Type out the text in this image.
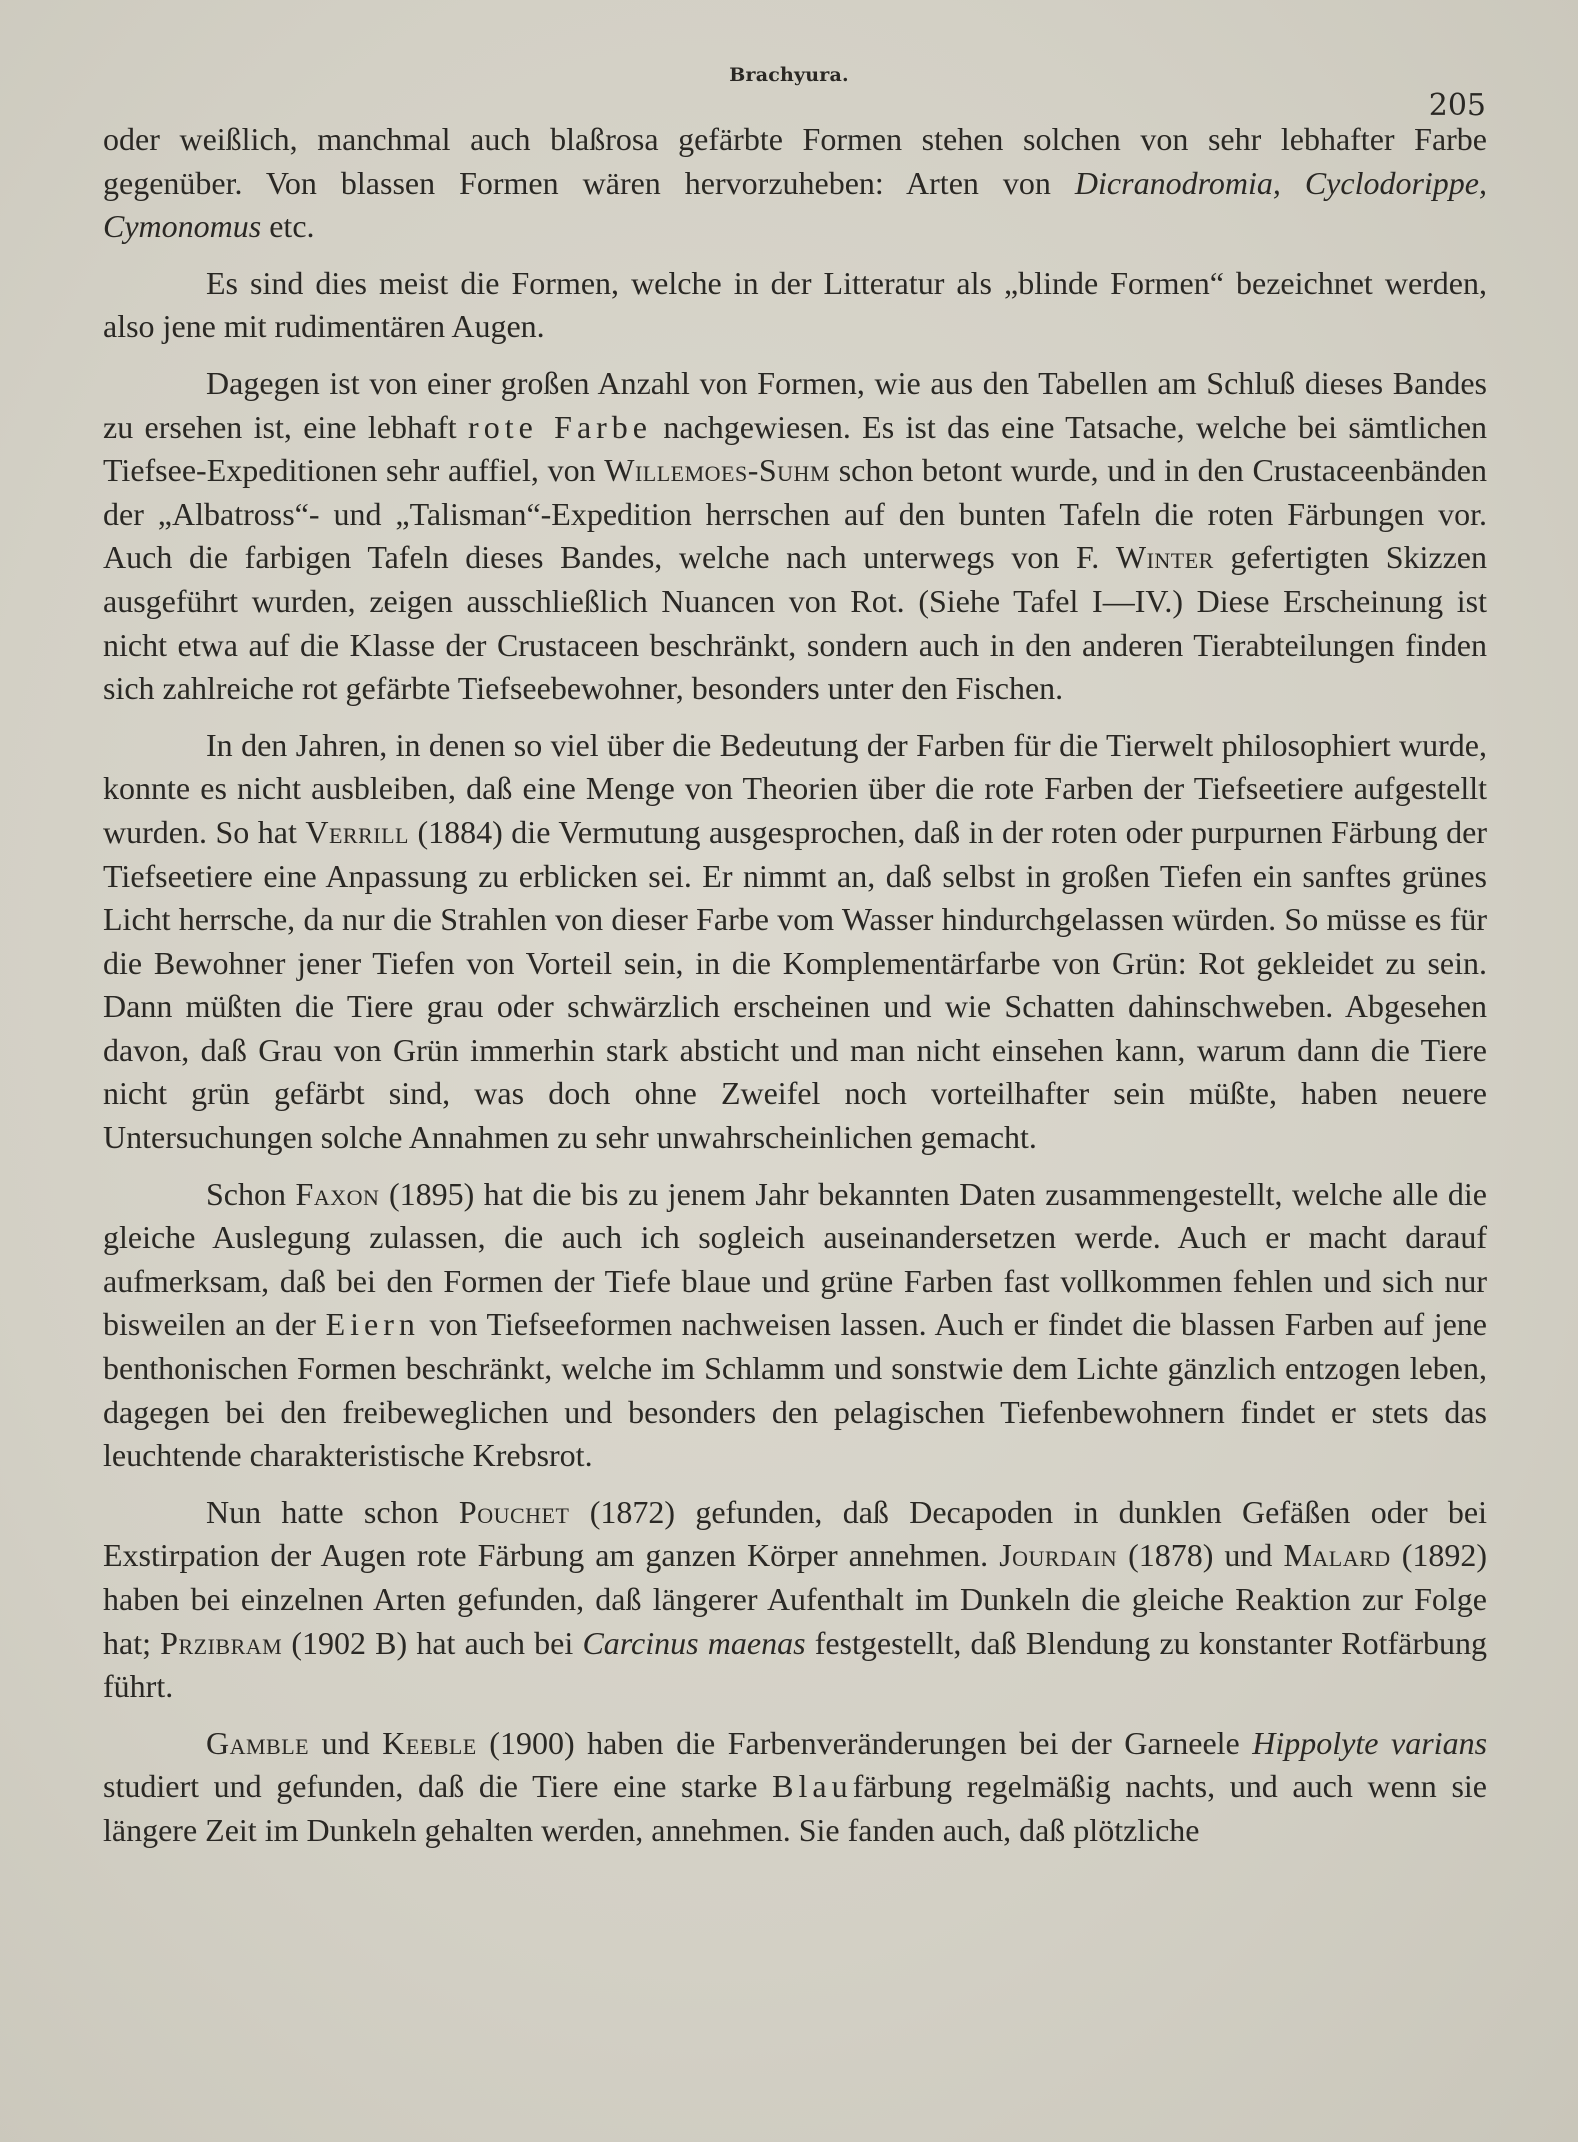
Brachyura.
205

oder weißlich, manchmal auch blaßrosa gefärbte Formen stehen solchen von sehr lebhafter Farbe gegenüber. Von blassen Formen wären hervorzuheben: Arten von Dicranodromia, Cyclodorippe, Cymonomus etc.

Es sind dies meist die Formen, welche in der Litteratur als „blinde Formen“ bezeichnet werden, also jene mit rudimentären Augen.

Dagegen ist von einer großen Anzahl von Formen, wie aus den Tabellen am Schluß dieses Bandes zu ersehen ist, eine lebhaft rote Farbe nachgewiesen. Es ist das eine Tatsache, welche bei sämtlichen Tiefsee-Expeditionen sehr auffiel, von Willemoes-Suhm schon betont wurde, und in den Crustaceenbänden der „Albatross“- und „Talisman“-Expedition herrschen auf den bunten Tafeln die roten Färbungen vor. Auch die farbigen Tafeln dieses Bandes, welche nach unterwegs von F. Winter gefertigten Skizzen ausgeführt wurden, zeigen ausschließlich Nuancen von Rot. (Siehe Tafel I—IV.) Diese Erscheinung ist nicht etwa auf die Klasse der Crustaceen beschränkt, sondern auch in den anderen Tierabteilungen finden sich zahlreiche rot gefärbte Tiefseebewohner, besonders unter den Fischen.

In den Jahren, in denen so viel über die Bedeutung der Farben für die Tierwelt philosophiert wurde, konnte es nicht ausbleiben, daß eine Menge von Theorien über die rote Farben der Tiefseetiere aufgestellt wurden. So hat Verrill (1884) die Vermutung ausgesprochen, daß in der roten oder purpurnen Färbung der Tiefseetiere eine Anpassung zu erblicken sei. Er nimmt an, daß selbst in großen Tiefen ein sanftes grünes Licht herrsche, da nur die Strahlen von dieser Farbe vom Wasser hindurchgelassen würden. So müsse es für die Bewohner jener Tiefen von Vorteil sein, in die Komplementärfarbe von Grün: Rot gekleidet zu sein. Dann müßten die Tiere grau oder schwärzlich erscheinen und wie Schatten dahinschweben. Abgesehen davon, daß Grau von Grün immerhin stark absticht und man nicht einsehen kann, warum dann die Tiere nicht grün gefärbt sind, was doch ohne Zweifel noch vorteilhafter sein müßte, haben neuere Untersuchungen solche Annahmen zu sehr unwahrscheinlichen gemacht.

Schon Faxon (1895) hat die bis zu jenem Jahr bekannten Daten zusammengestellt, welche alle die gleiche Auslegung zulassen, die auch ich sogleich auseinandersetzen werde. Auch er macht darauf aufmerksam, daß bei den Formen der Tiefe blaue und grüne Farben fast vollkommen fehlen und sich nur bisweilen an der Eiern von Tiefseeformen nachweisen lassen. Auch er findet die blassen Farben auf jene benthonischen Formen beschränkt, welche im Schlamm und sonstwie dem Lichte gänzlich entzogen leben, dagegen bei den freibeweglichen und besonders den pelagischen Tiefenbewohnern findet er stets das leuchtende charakteristische Krebsrot.

Nun hatte schon Pouchet (1872) gefunden, daß Decapoden in dunklen Gefäßen oder bei Exstirpation der Augen rote Färbung am ganzen Körper annehmen. Jourdain (1878) und Malard (1892) haben bei einzelnen Arten gefunden, daß längerer Aufenthalt im Dunkeln die gleiche Reaktion zur Folge hat; Przibram (1902 B) hat auch bei Carcinus maenas festgestellt, daß Blendung zu konstanter Rotfärbung führt.

Gamble und Keeble (1900) haben die Farbenveränderungen bei der Garneele Hippolyte varians studiert und gefunden, daß die Tiere eine starke Blaufärbung regelmäßig nachts, und auch wenn sie längere Zeit im Dunkeln gehalten werden, annehmen. Sie fanden auch, daß plötzliche
